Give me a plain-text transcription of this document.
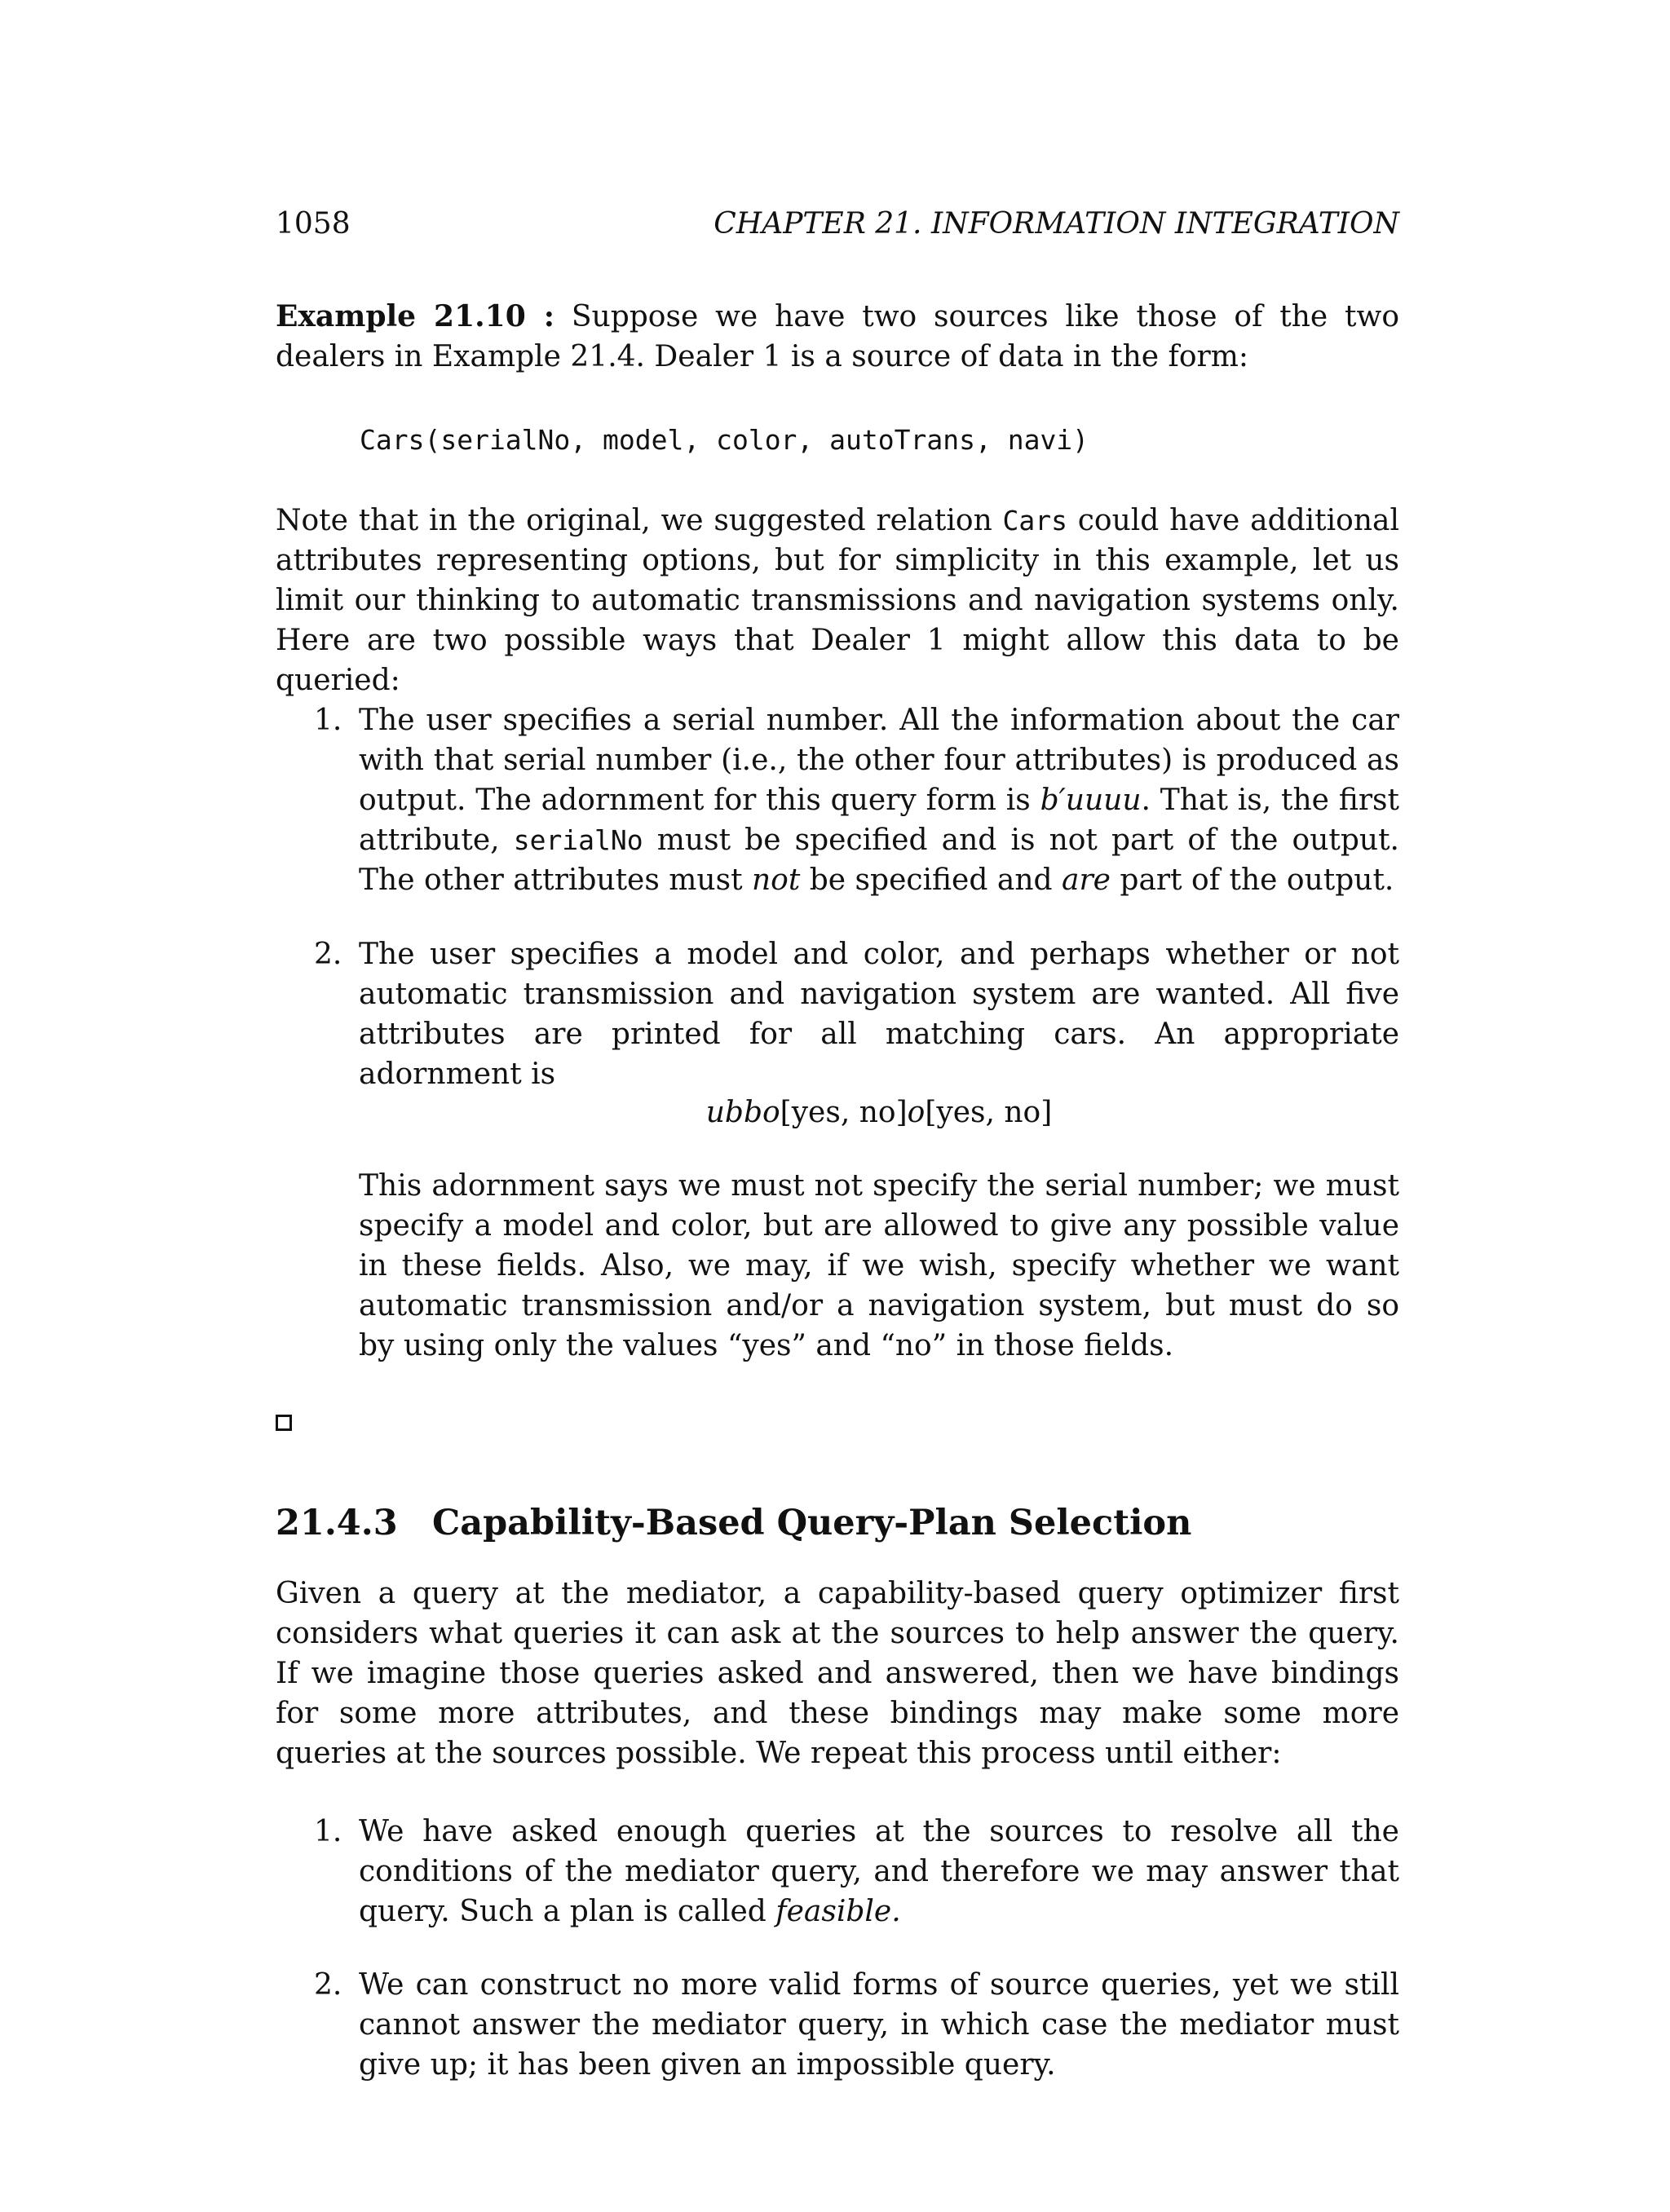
1058	CHAPTER 21. INFORMATION INTEGRATION
Example 21.10 : Suppose we have two sources like those of the two dealers in Example 21.4. Dealer 1 is a source of data in the form:
Cars(serialNo, model, color, autoTrans, navi)
Note that in the original, we suggested relation Cars could have additional attributes representing options, but for simplicity in this example, let us limit our thinking to automatic transmissions and navigation systems only. Here are two possible ways that Dealer 1 might allow this data to be queried:
1. The user specifies a serial number. All the information about the car with that serial number (i.e., the other four attributes) is produced as output. The adornment for this query form is b′uuuu. That is, the first attribute, serialNo must be specified and is not part of the output. The other attributes must not be specified and are part of the output.
2. The user specifies a model and color, and perhaps whether or not automatic transmission and navigation system are wanted. All five attributes are printed for all matching cars. An appropriate adornment is
ubbo[yes, no]o[yes, no]
This adornment says we must not specify the serial number; we must specify a model and color, but are allowed to give any possible value in these fields. Also, we may, if we wish, specify whether we want automatic transmission and/or a navigation system, but must do so by using only the values “yes” and “no” in those fields.
21.4.3 Capability-Based Query-Plan Selection
Given a query at the mediator, a capability-based query optimizer first considers what queries it can ask at the sources to help answer the query. If we imagine those queries asked and answered, then we have bindings for some more attributes, and these bindings may make some more queries at the sources possible. We repeat this process until either:
1. We have asked enough queries at the sources to resolve all the conditions of the mediator query, and therefore we may answer that query. Such a plan is called feasible.
2. We can construct no more valid forms of source queries, yet we still cannot answer the mediator query, in which case the mediator must give up; it has been given an impossible query.
